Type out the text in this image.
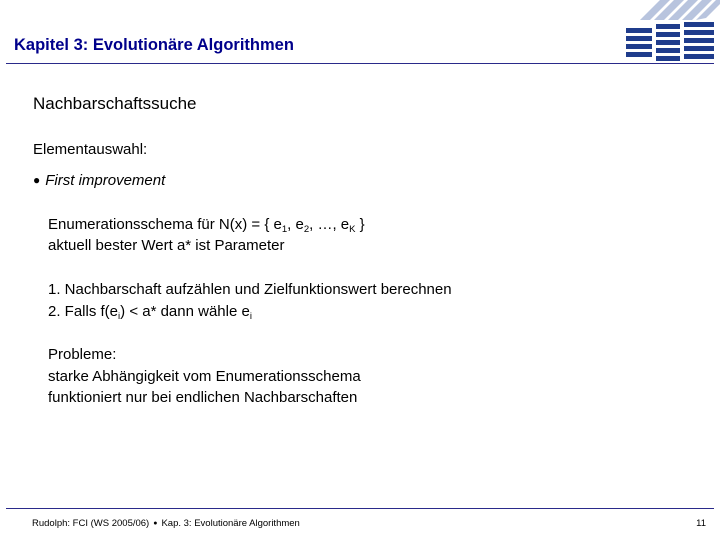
Kapitel 3: Evolutionäre Algorithmen
Nachbarschaftssuche
Elementauswahl:
● First improvement
Enumerationsschema für N(x) = { $e_1$, $e_2$, …, $e_K$ }
aktuell bester Wert a* ist Parameter
1. Nachbarschaft aufzählen und Zielfunktionswert berechnen
2. Falls $f(e_i) < a*$ dann wähle $e_i$
Probleme:
starke Abhängigkeit vom Enumerationsschema
funktioniert nur bei endlichen Nachbarschaften
Rudolph: FCI (WS 2005/06) ● Kap. 3: Evolutionäre Algorithmen	11
